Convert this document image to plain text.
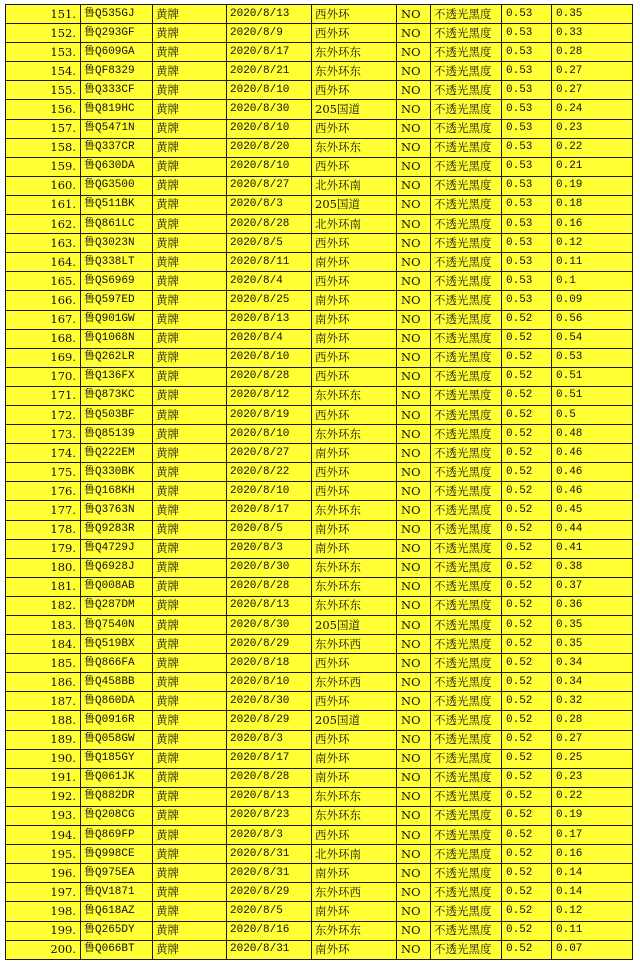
151.	鲁Q535GJ	黄牌	2020/8/13	西外环	NO	不透光黑度	0.53	0.35
152.	鲁Q293GF	黄牌	2020/8/9	西外环	NO	不透光黑度	0.53	0.33
153.	鲁Q609GA	黄牌	2020/8/17	东外环东	NO	不透光黑度	0.53	0.28
154.	鲁QF8329	黄牌	2020/8/21	东外环东	NO	不透光黑度	0.53	0.27
155.	鲁Q333CF	黄牌	2020/8/10	西外环	NO	不透光黑度	0.53	0.27
156.	鲁Q819HC	黄牌	2020/8/30	205国道	NO	不透光黑度	0.53	0.24
157.	鲁Q5471N	黄牌	2020/8/10	西外环	NO	不透光黑度	0.53	0.23
158.	鲁Q337CR	黄牌	2020/8/20	东外环东	NO	不透光黑度	0.53	0.22
159.	鲁Q630DA	黄牌	2020/8/10	西外环	NO	不透光黑度	0.53	0.21
160.	鲁QG3500	黄牌	2020/8/27	北外环南	NO	不透光黑度	0.53	0.19
161.	鲁Q511BK	黄牌	2020/8/3	205国道	NO	不透光黑度	0.53	0.18
162.	鲁Q861LC	黄牌	2020/8/28	北外环南	NO	不透光黑度	0.53	0.16
163.	鲁Q3023N	黄牌	2020/8/5	西外环	NO	不透光黑度	0.53	0.12
164.	鲁Q338LT	黄牌	2020/8/11	南外环	NO	不透光黑度	0.53	0.11
165.	鲁QS6969	黄牌	2020/8/4	西外环	NO	不透光黑度	0.53	0.1
166.	鲁Q597ED	黄牌	2020/8/25	南外环	NO	不透光黑度	0.53	0.09
167.	鲁Q901GW	黄牌	2020/8/13	南外环	NO	不透光黑度	0.52	0.56
168.	鲁Q1068N	黄牌	2020/8/4	南外环	NO	不透光黑度	0.52	0.54
169.	鲁Q262LR	黄牌	2020/8/10	西外环	NO	不透光黑度	0.52	0.53
170.	鲁Q136FX	黄牌	2020/8/28	西外环	NO	不透光黑度	0.52	0.51
171.	鲁Q873KC	黄牌	2020/8/12	东外环东	NO	不透光黑度	0.52	0.51
172.	鲁Q503BF	黄牌	2020/8/19	西外环	NO	不透光黑度	0.52	0.5
173.	鲁Q85139	黄牌	2020/8/10	东外环东	NO	不透光黑度	0.52	0.48
174.	鲁Q222EM	黄牌	2020/8/27	南外环	NO	不透光黑度	0.52	0.46
175.	鲁Q330BK	黄牌	2020/8/22	西外环	NO	不透光黑度	0.52	0.46
176.	鲁Q168KH	黄牌	2020/8/10	西外环	NO	不透光黑度	0.52	0.46
177.	鲁Q3763N	黄牌	2020/8/17	东外环东	NO	不透光黑度	0.52	0.45
178.	鲁Q9283R	黄牌	2020/8/5	南外环	NO	不透光黑度	0.52	0.44
179.	鲁Q4729J	黄牌	2020/8/3	南外环	NO	不透光黑度	0.52	0.41
180.	鲁Q6928J	黄牌	2020/8/30	东外环东	NO	不透光黑度	0.52	0.38
181.	鲁Q008AB	黄牌	2020/8/28	东外环东	NO	不透光黑度	0.52	0.37
182.	鲁Q287DM	黄牌	2020/8/13	东外环东	NO	不透光黑度	0.52	0.36
183.	鲁Q7540N	黄牌	2020/8/30	205国道	NO	不透光黑度	0.52	0.35
184.	鲁Q519BX	黄牌	2020/8/29	东外环西	NO	不透光黑度	0.52	0.35
185.	鲁Q866FA	黄牌	2020/8/18	西外环	NO	不透光黑度	0.52	0.34
186.	鲁Q458BB	黄牌	2020/8/10	东外环西	NO	不透光黑度	0.52	0.34
187.	鲁Q860DA	黄牌	2020/8/30	西外环	NO	不透光黑度	0.52	0.32
188.	鲁Q0916R	黄牌	2020/8/29	205国道	NO	不透光黑度	0.52	0.28
189.	鲁Q058GW	黄牌	2020/8/3	西外环	NO	不透光黑度	0.52	0.27
190.	鲁Q185GY	黄牌	2020/8/17	南外环	NO	不透光黑度	0.52	0.25
191.	鲁Q061JK	黄牌	2020/8/28	南外环	NO	不透光黑度	0.52	0.23
192.	鲁Q882DR	黄牌	2020/8/13	东外环东	NO	不透光黑度	0.52	0.22
193.	鲁Q208CG	黄牌	2020/8/23	东外环东	NO	不透光黑度	0.52	0.19
194.	鲁Q869FP	黄牌	2020/8/3	西外环	NO	不透光黑度	0.52	0.17
195.	鲁Q998CE	黄牌	2020/8/31	北外环南	NO	不透光黑度	0.52	0.16
196.	鲁Q975EA	黄牌	2020/8/31	南外环	NO	不透光黑度	0.52	0.14
197.	鲁QV1871	黄牌	2020/8/29	东外环西	NO	不透光黑度	0.52	0.14
198.	鲁Q618AZ	黄牌	2020/8/5	南外环	NO	不透光黑度	0.52	0.12
199.	鲁Q265DY	黄牌	2020/8/16	东外环东	NO	不透光黑度	0.52	0.11
200.	鲁Q066BT	黄牌	2020/8/31	南外环	NO	不透光黑度	0.52	0.07
